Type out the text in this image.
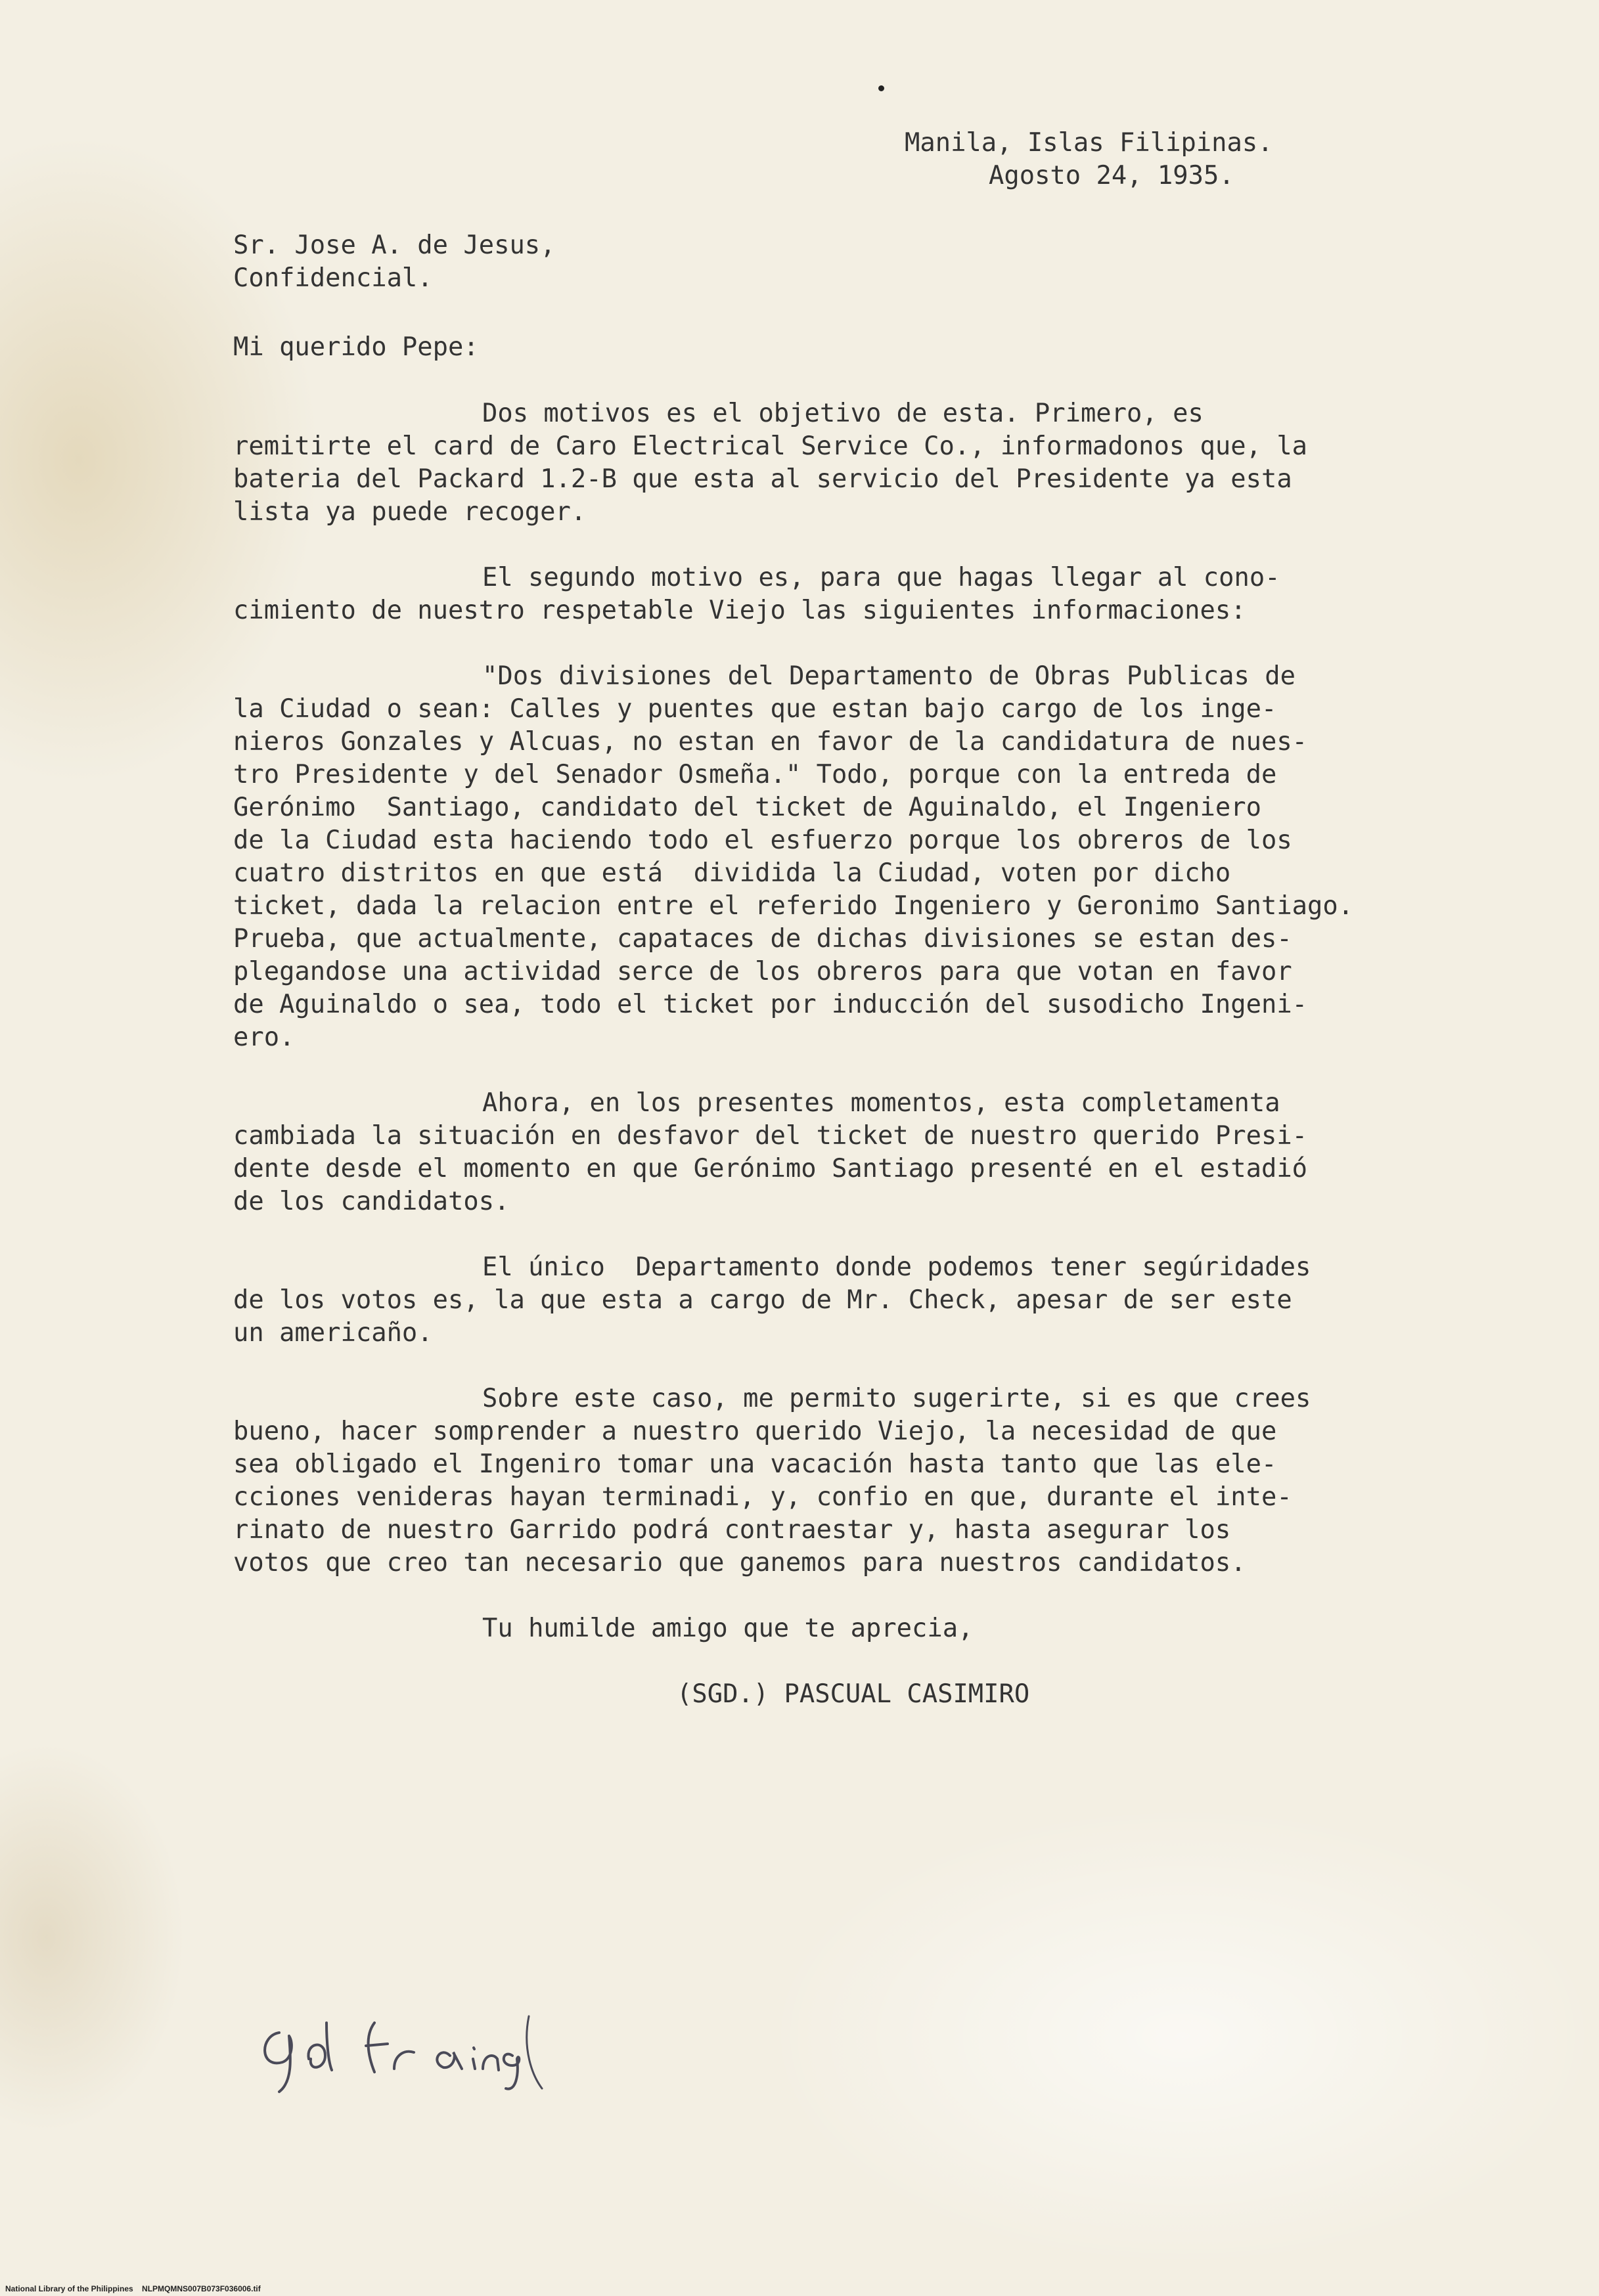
Manila, Islas Filipinas.

Agosto 24, 1935.

Sr. Jose A. de Jesus,

Confidencial.

Mi querido Pepe:

Dos motivos es el objetivo de esta. Primero, es

remitirte el card de Caro Electrical Service Co., informadonos que, la

bateria del Packard 1.2-B que esta al servicio del Presidente ya esta

lista ya puede recoger.

El segundo motivo es, para que hagas llegar al cono-

cimiento de nuestro respetable Viejo las siguientes informaciones:

"Dos divisiones del Departamento de Obras Publicas de

la Ciudad o sean: Calles y puentes que estan bajo cargo de los inge-

nieros Gonzales y Alcuas, no estan en favor de la candidatura de nues-

tro Presidente y del Senador Osmeña." Todo, porque con la entreda de

Gerónimo  Santiago, candidato del ticket de Aguinaldo, el Ingeniero

de la Ciudad esta haciendo todo el esfuerzo porque los obreros de los

cuatro distritos en que está  dividida la Ciudad, voten por dicho

ticket, dada la relacion entre el referido Ingeniero y Geronimo Santiago.

Prueba, que actualmente, capataces de dichas divisiones se estan des-

plegandose una actividad serce de los obreros para que votan en favor

de Aguinaldo o sea, todo el ticket por inducción del susodicho Ingeni-

ero.

Ahora, en los presentes momentos, esta completamenta

cambiada la situación en desfavor del ticket de nuestro querido Presi-

dente desde el momento en que Gerónimo Santiago presenté en el estadió

de los candidatos.

El único  Departamento donde podemos tener segúridades

de los votos es, la que esta a cargo de Mr. Check, apesar de ser este

un americaño.

Sobre este caso, me permito sugerirte, si es que crees

bueno, hacer somprender a nuestro querido Viejo, la necesidad de que

sea obligado el Ingeniro tomar una vacación hasta tanto que las ele-

cciones venideras hayan terminadi, y, confio en que, durante el inte-

rinato de nuestro Garrido podrá contraestar y, hasta asegurar los

votos que creo tan necesario que ganemos para nuestros candidatos.

Tu humilde amigo que te aprecia,

(SGD.) PASCUAL CASIMIRO

National Library of the Philippines    NLPMQMNS007B073F036006.tif
